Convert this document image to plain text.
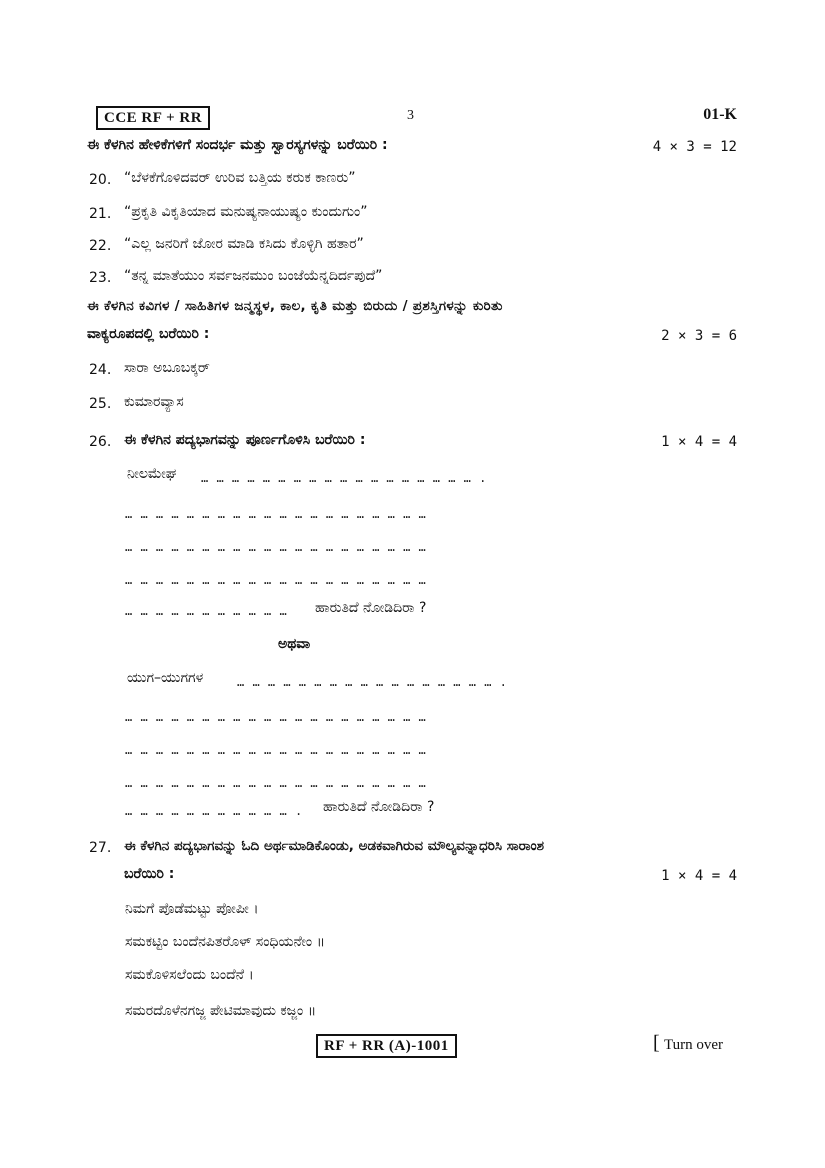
CCE RF + RR	3	01-K
ಈ ಕೆಳಗಿನ ಹೇಳಿಕೆಗಳಿಗೆ ಸಂದರ್ಭ ಮತ್ತು ಸ್ವಾರಸ್ಯಗಳನ್ನು ಬರೆಯಿರಿ :	4 × 3 = 12
20. “ಬೆಳಕೆಗೊಳಿದವರ್ ಉರಿವ ಬತ್ತಿಯ ಕರುಕ ಕಾಣರು”
21. “ಪ್ರಕೃತಿ ವಿಕೃತಿಯಾದ ಮನುಷ್ಯನಾಯುಷ್ಯಂ ಕುಂದುಗುಂ”
22. “ಎಲ್ಲ ಜನರಿಗೆ ಜೋರ ಮಾಡಿ ಕಸಿದು ಕೊಳ್ಳಿಗಿ ಹತಾರ”
23. “ತನ್ನ ಮಾತೆಯುಂ ಸರ್ವಜನಮುಂ ಬಂಜೆಯೆನ್ನದಿರ್ದಪುದೆ”
ಈ ಕೆಳಗಿನ ಕವಿಗಳ / ಸಾಹಿತಿಗಳ ಜನ್ಮಸ್ಥಳ, ಕಾಲ, ಕೃತಿ ಮತ್ತು ಬಿರುದು / ಪ್ರಶಸ್ತಿಗಳನ್ನು ಕುರಿತು
ವಾಕ್ಯರೂಪದಲ್ಲಿ ಬರೆಯಿರಿ :	2 × 3 = 6
24. ಸಾರಾ ಅಬೂಬಕ್ಕರ್
25. ಕುಮಾರವ್ಯಾಸ
26. ಈ ಕೆಳಗಿನ ಪದ್ಯಭಾಗವನ್ನು ಪೂರ್ಣಗೊಳಿಸಿ ಬರೆಯಿರಿ :	1 × 4 = 4
ನೀಲಮೇಘ … … … … … … … … … … … … … … … … … … .
… … … … … … … … … … … … … … … … … … … …
… … … … … … … … … … … … … … … … … … … …
… … … … … … … … … … … … … … … … … … … …
… … … … … … … … … … … ಹಾರುತಿದೆ ನೋಡಿದಿರಾ ?
ಅಥವಾ
ಯುಗ–ಯುಗಗಳ	… … … … … … … … … … … … … … … … … .
… … … … … … … … … … … … … … … … … … … …
… … … … … … … … … … … … … … … … … … … …
… … … … … … … … … … … … … … … … … … … …
… … … … … … … … … … … . ಹಾರುತಿದೆ ನೋಡಿದಿರಾ ?
27. ಈ ಕೆಳಗಿನ ಪದ್ಯಭಾಗವನ್ನು ಓದಿ ಅರ್ಥಮಾಡಿಕೊಂಡು, ಅಡಕವಾಗಿರುವ ಮೌಲ್ಯವನ್ನಾಧರಿಸಿ ಸಾರಾಂಶ
ಬರೆಯಿರಿ :	1 × 4 = 4
ನಿಮಗೆ ಪೊಡೆಮಟ್ಟು ಪೋಪೀ ।
ಸಮಕಟ್ಟಿಂ ಬಂದೆನಪಿತರೊಳ್ ಸಂಧಿಯನೇಂ ॥
ಸಮಕೊಳಿಸಲೆಂದು ಬಂದೆನೆ ।
ಸಮರದೊಳೆನಗಜ್ಜ ಪೇಟಿಮಾವುದು ಕಜ್ಜಂ ॥
RF + RR (A)-1001	[ Turn over
